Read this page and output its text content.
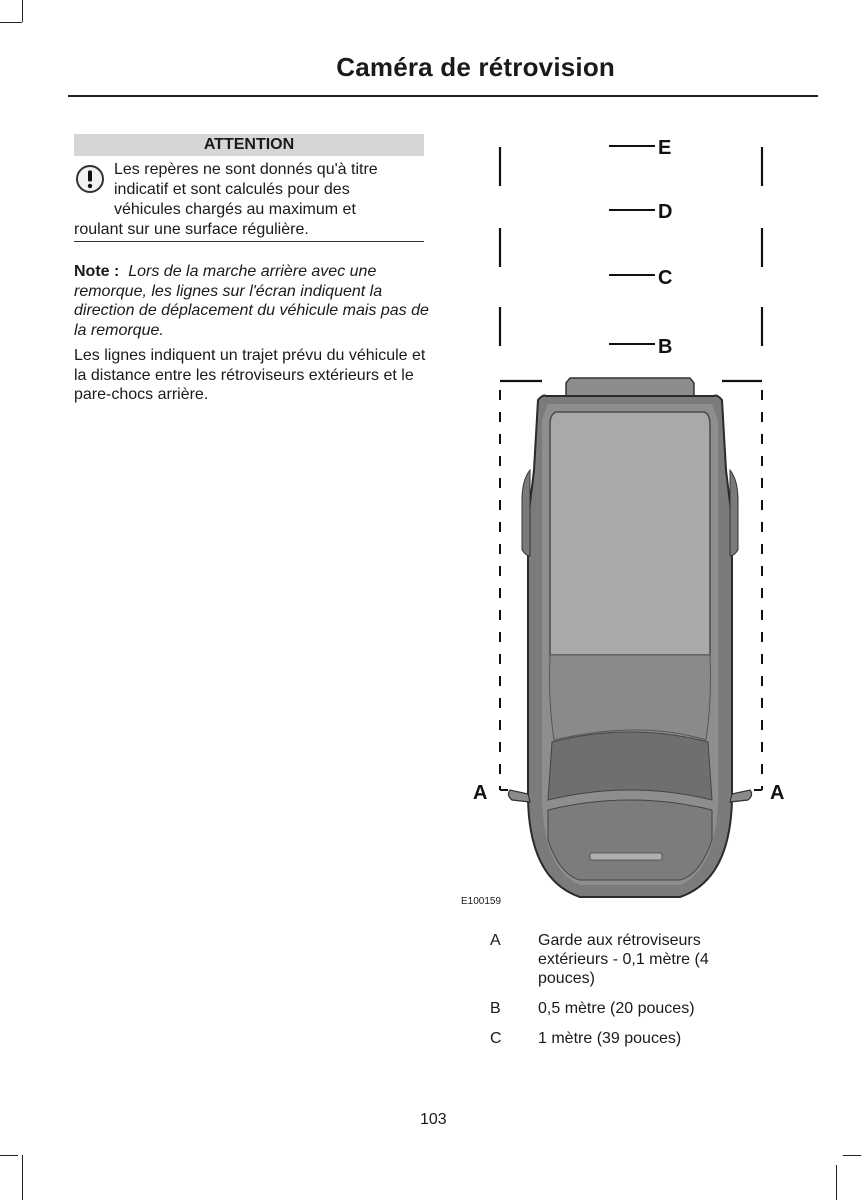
Caméra de rétrovision
ATTENTION
Les repères ne sont donnés qu'à titre
indicatif et sont calculés pour des
véhicules chargés au maximum et
roulant sur une surface régulière.
Note : Lors de la marche arrière avec une remorque, les lignes sur l'écran indiquent la direction de déplacement du véhicule mais pas de la remorque.
Les lignes indiquent un trajet prévu du véhicule et la distance entre les rétroviseurs extérieurs et le pare-chocs arrière.
E
D
C
B
A	A
E100159
A	Garde aux rétroviseurs extérieurs - 0,1 mètre (4 pouces)
B	0,5 mètre (20 pouces)
C	1 mètre (39 pouces)
103
